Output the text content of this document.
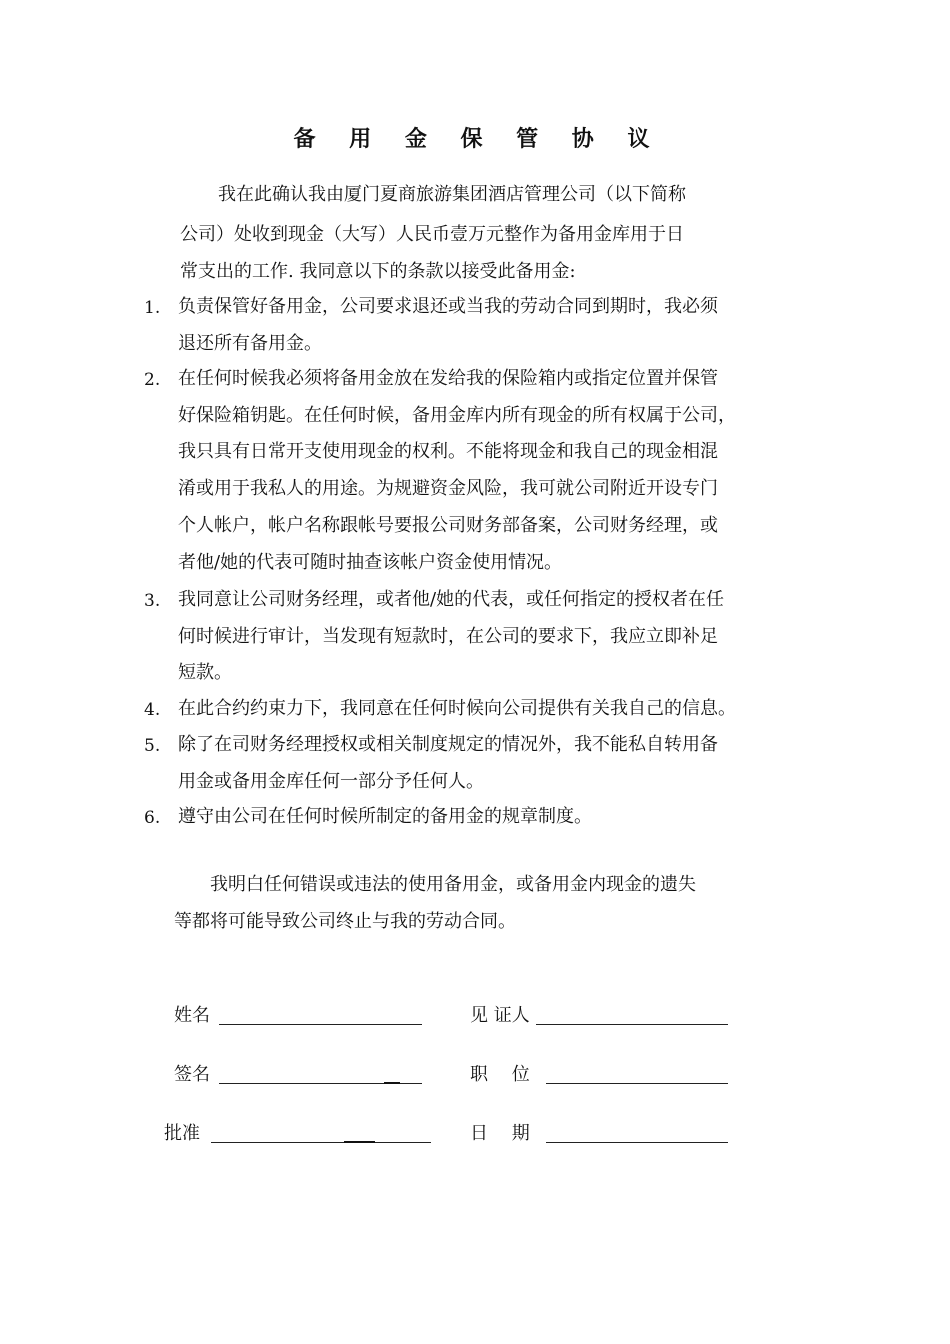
备 用 金 保 管 协 议
我在此确认我由厦门夏商旅游集团酒店管理公司（以下简称
公司）处收到现金（大写）人民币壹万元整作为备用金库用于日
常支出的工作. 我同意以下的条款以接受此备用金:
1. 负责保管好备用金，公司要求退还或当我的劳动合同到期时，我必须
退还所有备用金。
2. 在任何时候我必须将备用金放在发给我的保险箱内或指定位置并保管
好保险箱钥匙。在任何时候，备用金库内所有现金的所有权属于公司，
我只具有日常开支使用现金的权利。不能将现金和我自己的现金相混
淆或用于我私人的用途。为规避资金风险，我可就公司附近开设专门
个人帐户，帐户名称跟帐号要报公司财务部备案，公司财务经理，或
者他/她的代表可随时抽查该帐户资金使用情况。
3. 我同意让公司财务经理，或者他/她的代表，或任何指定的授权者在任
何时候进行审计，当发现有短款时，在公司的要求下，我应立即补足
短款。
4. 在此合约约束力下，我同意在任何时候向公司提供有关我自己的信息。
5. 除了在司财务经理授权或相关制度规定的情况外，我不能私自转用备
用金或备用金库任何一部分予任何人。
6. 遵守由公司在任何时候所制定的备用金的规章制度。
我明白任何错误或违法的使用备用金，或备用金内现金的遗失
等都将可能导致公司终止与我的劳动合同。
姓名	见 证人
签名	职　 位
批准	日　 期
